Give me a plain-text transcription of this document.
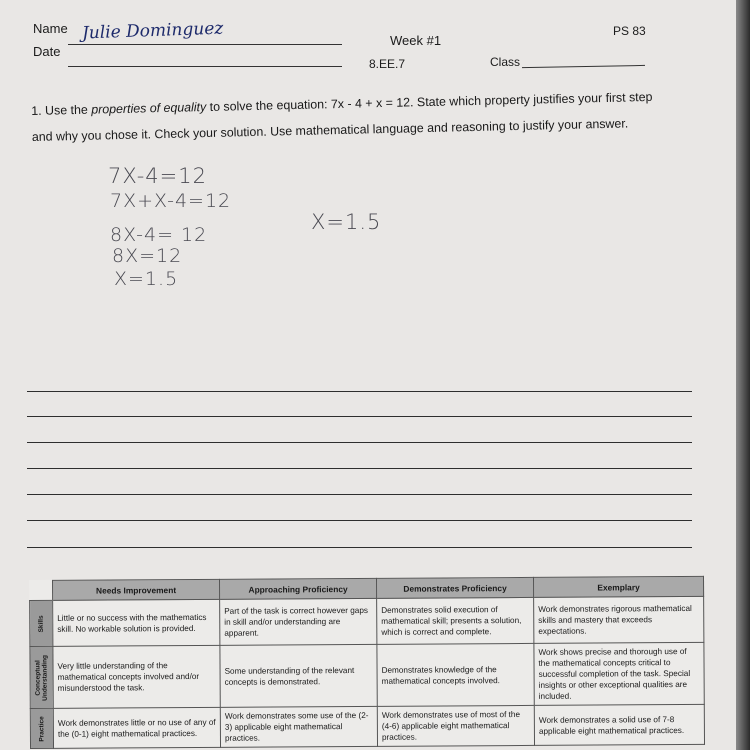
Name Julie Dominguez
Date
Week #1
8.EE.7
PS 83
Class
1. Use the properties of equality to solve the equation: 7x - 4 + x = 12. State which property justifies your first step
and why you chose it. Check your solution. Use mathematical language and reasoning to justify your answer.
7X-4=12
7X+X-4=12
8X-4= 12
8X=12
X=1.5
X=1.5
	Needs Improvement	Approaching Proficiency	Demonstrates Proficiency	Exemplary

Skills	Little or no success with the mathematics skill. No workable solution is provided.	Part of the task is correct however gaps in skill and/or understanding are apparent.	Demonstrates solid execution of mathematical skill; presents a solution, which is correct and complete.	Work demonstrates rigorous mathematical skills and mastery that exceeds expectations.

Conceptual Understanding	Very little understanding of the mathematical concepts involved and/or misunderstood the task.	Some understanding of the relevant concepts is demonstrated.	Demonstrates knowledge of the mathematical concepts involved.	Work shows precise and thorough use of the mathematical concepts critical to successful completion of the task. Special insights or other exceptional qualities are included.

Practice	Work demonstrates little or no use of any of the (0-1) eight mathematical practices.	Work demonstrates some use of the (2-3) applicable eight mathematical practices.	Work demonstrates use of most of the (4-6) applicable eight mathematical practices.	Work demonstrates a solid use of 7-8 applicable eight mathematical practices.
